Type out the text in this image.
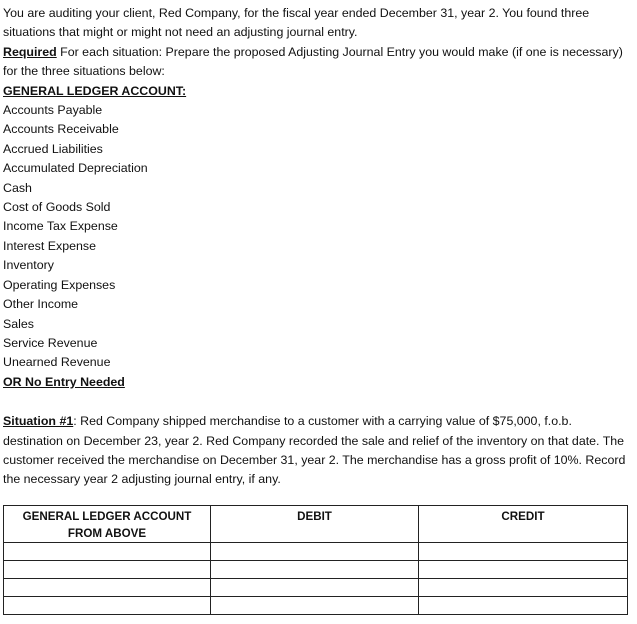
You are auditing your client, Red Company, for the fiscal year ended December 31, year 2. You found three situations that might or might not need an adjusting journal entry.

Required For each situation: Prepare the proposed Adjusting Journal Entry you would make (if one is necessary) for the three situations below:

GENERAL LEDGER ACCOUNT:

Accounts Payable
Accounts Receivable
Accrued Liabilities
Accumulated Depreciation
Cash
Cost of Goods Sold
Income Tax Expense
Interest Expense
Inventory
Operating Expenses
Other Income
Sales
Service Revenue
Unearned Revenue

OR No Entry Needed

Situation #1: Red Company shipped merchandise to a customer with a carrying value of $75,000, f.o.b. destination on December 23, year 2. Red Company recorded the sale and relief of the inventory on that date. The customer received the merchandise on December 31, year 2. The merchandise has a gross profit of 10%. Record the necessary year 2 adjusting journal entry, if any.

GENERAL LEDGER ACCOUNT FROM ABOVE	DEBIT	CREDIT
